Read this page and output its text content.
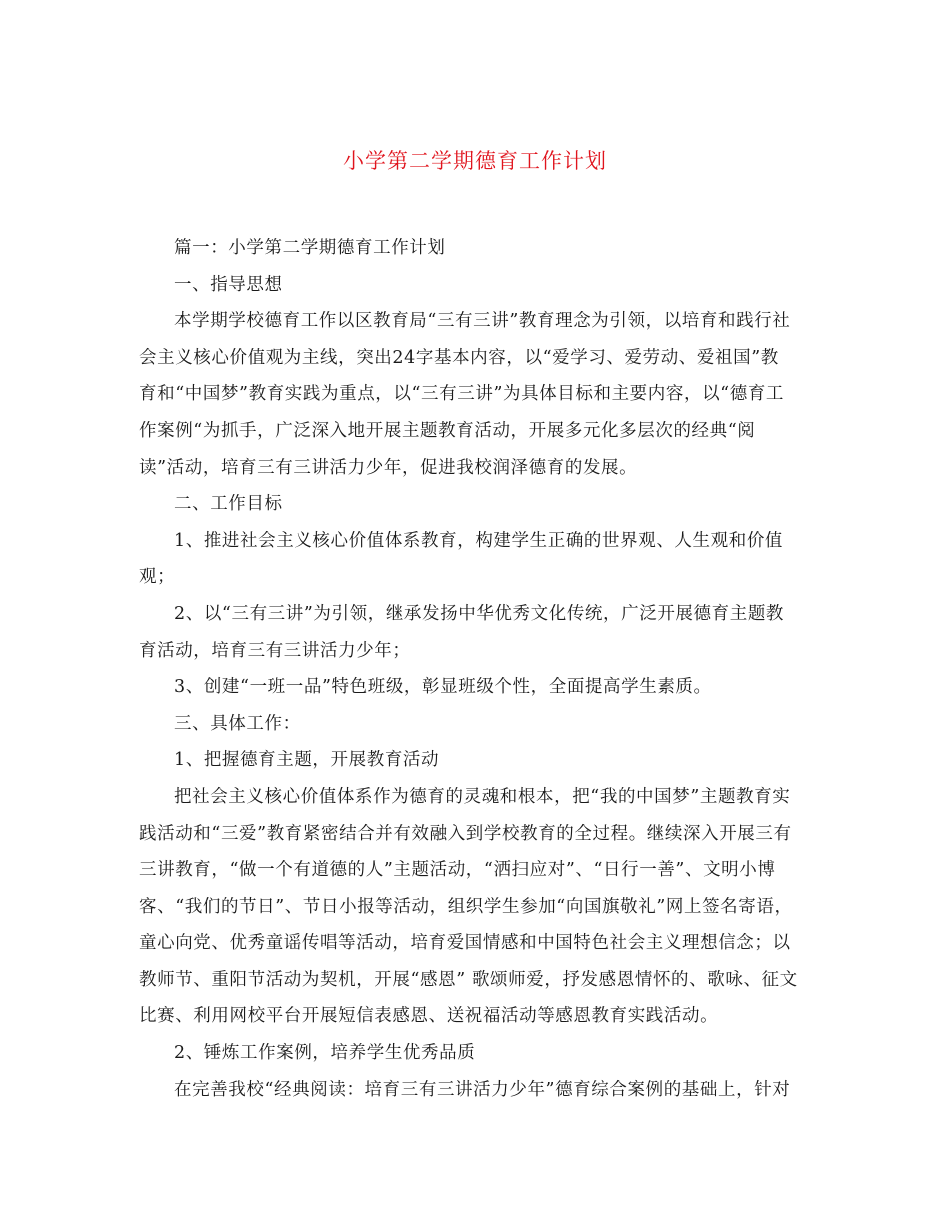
小学第二学期德育工作计划
篇一：小学第二学期德育工作计划
一、指导思想
本学期学校德育工作以区教育局“三有三讲”教育理念为引领，以培育和践行社
会主义核心价值观为主线，突出24字基本内容，以“爱学习、爱劳动、爱祖国”教
育和“中国梦”教育实践为重点，以“三有三讲”为具体目标和主要内容，以“德育工
作案例“为抓手，广泛深入地开展主题教育活动，开展多元化多层次的经典“阅
读”活动，培育三有三讲活力少年，促进我校润泽德育的发展。
二、工作目标
1、推进社会主义核心价值体系教育，构建学生正确的世界观、人生观和价值
观；
2、以“三有三讲”为引领，继承发扬中华优秀文化传统，广泛开展德育主题教
育活动，培育三有三讲活力少年；
3、创建“一班一品”特色班级，彰显班级个性，全面提高学生素质。
三、具体工作：
1、把握德育主题，开展教育活动
把社会主义核心价值体系作为德育的灵魂和根本，把“我的中国梦”主题教育实
践活动和“三爱”教育紧密结合并有效融入到学校教育的全过程。继续深入开展三有
三讲教育，“做一个有道德的人”主题活动，“洒扫应对”、“日行一善”、文明小博
客、“我们的节日”、节日小报等活动，组织学生参加“向国旗敬礼”网上签名寄语，
童心向党、优秀童谣传唱等活动，培育爱国情感和中国特色社会主义理想信念；以
教师节、重阳节活动为契机，开展“感恩” 歌颂师爱，抒发感恩情怀的、歌咏、征文
比赛、利用网校平台开展短信表感恩、送祝福活动等感恩教育实践活动。
2、锤炼工作案例，培养学生优秀品质
在完善我校“经典阅读：培育三有三讲活力少年”德育综合案例的基础上，针对
